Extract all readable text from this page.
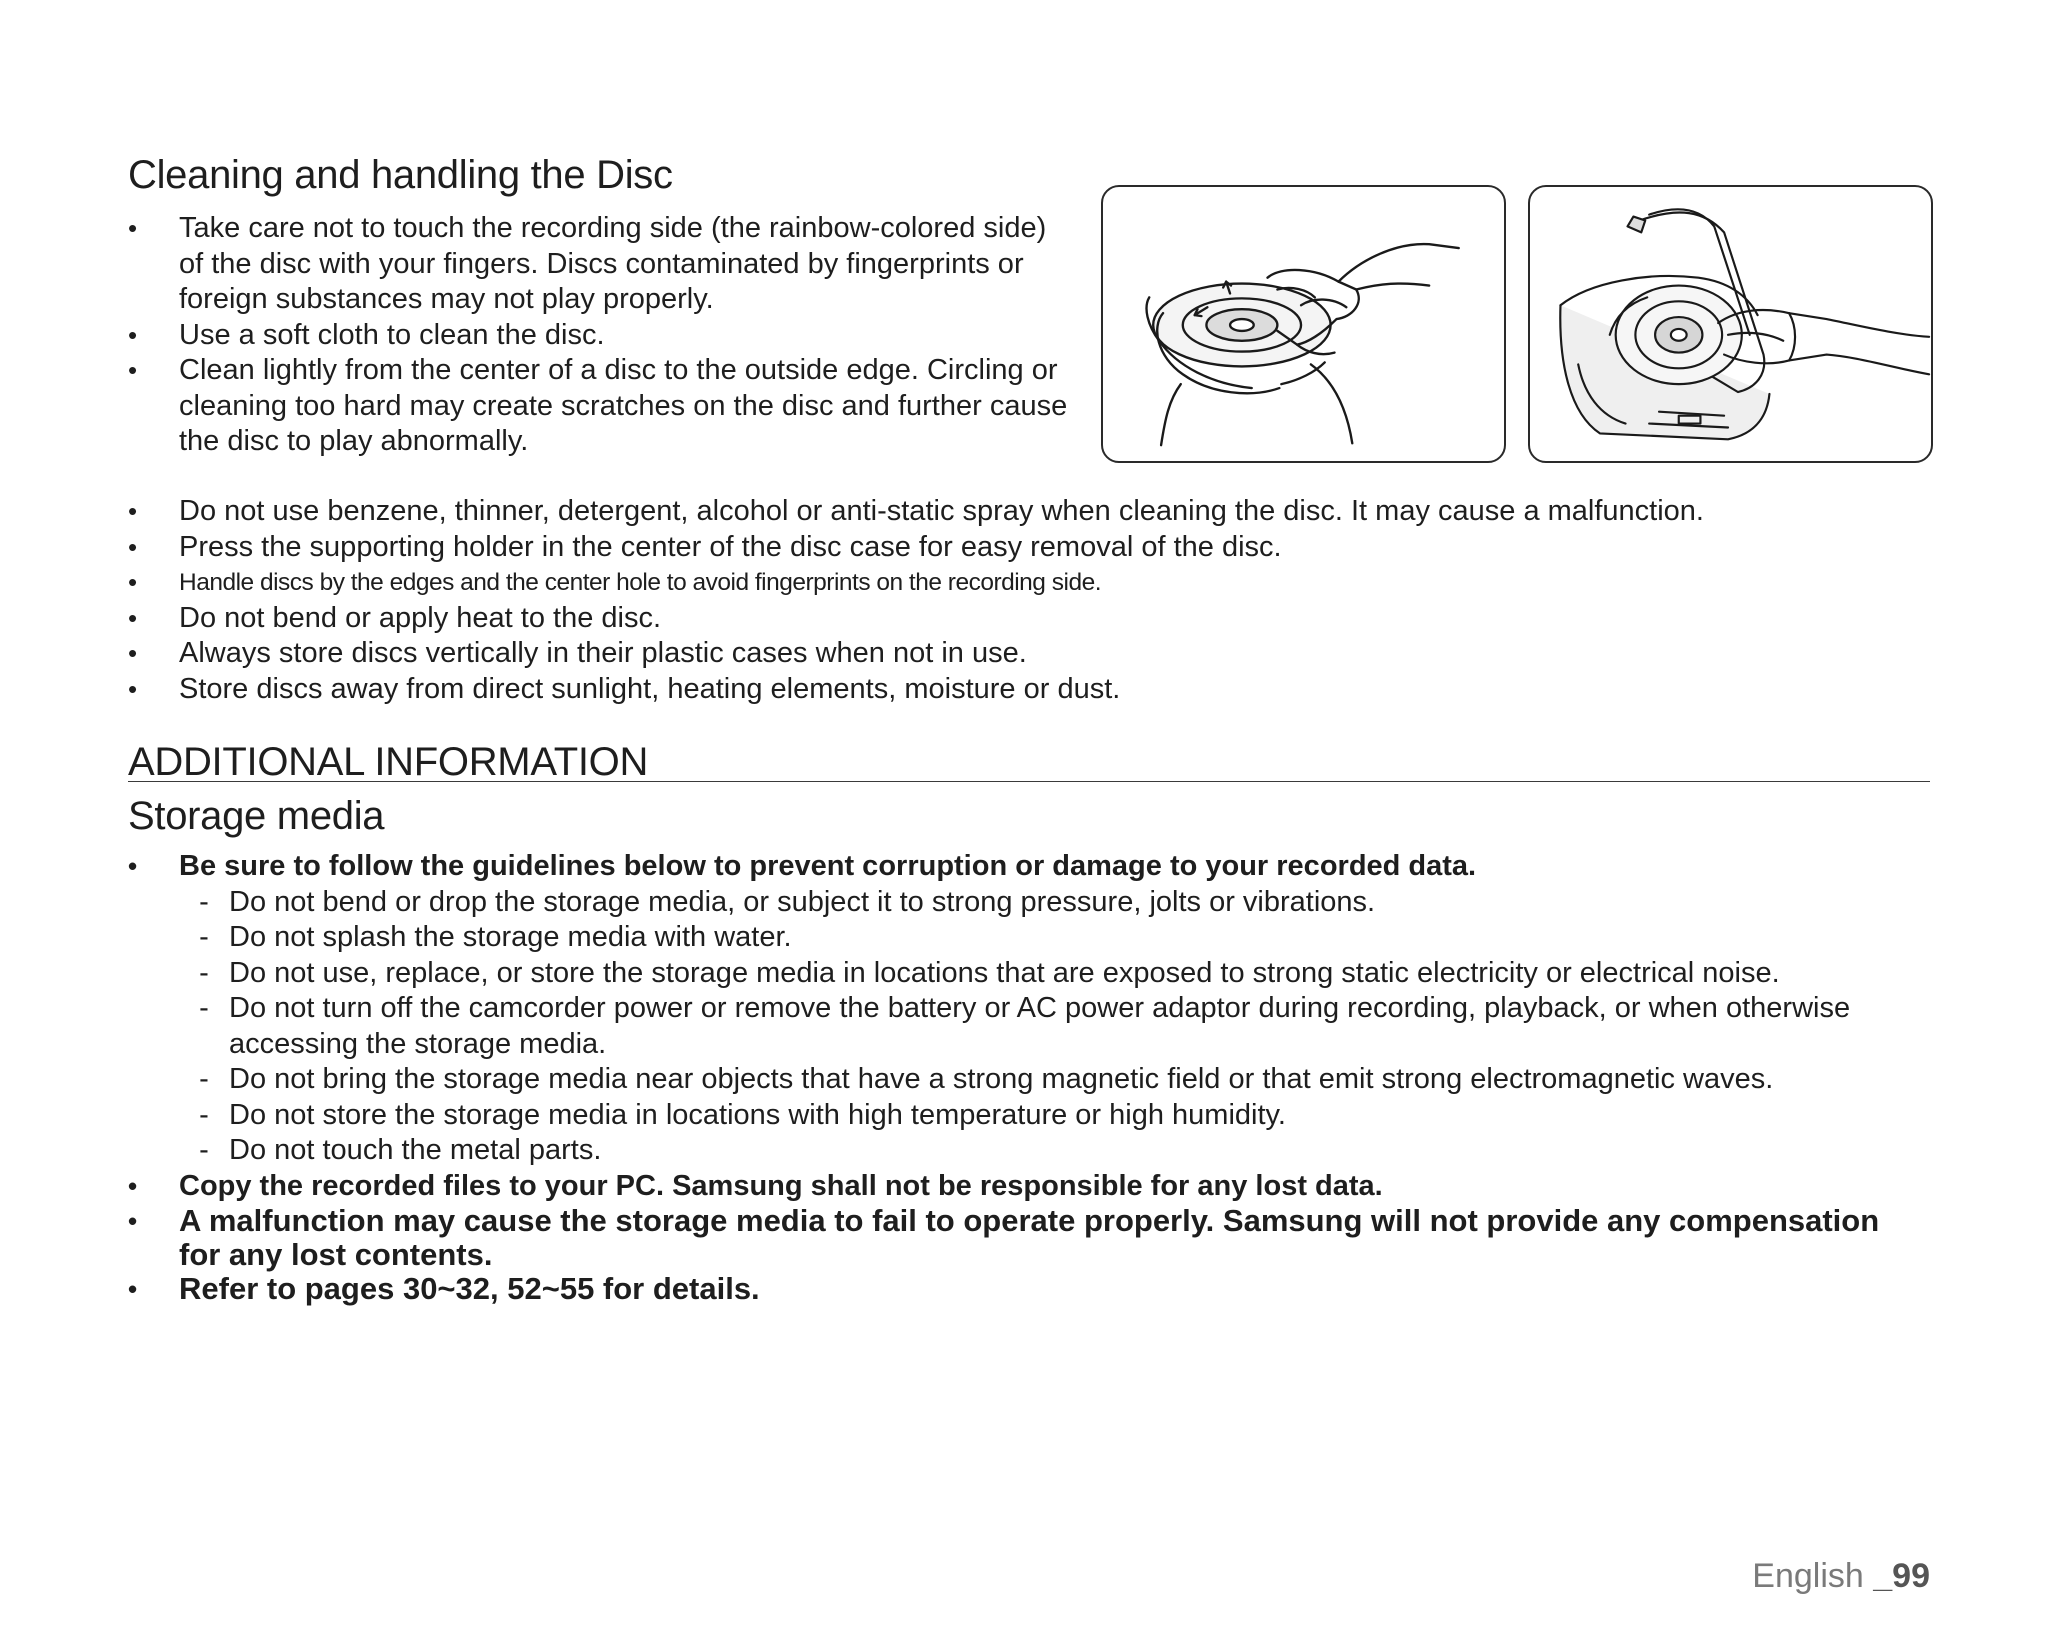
Cleaning and handling the Disc
•	Take care not to touch the recording side (the rainbow-colored side) of the disc with your fingers. Discs contaminated by fingerprints or foreign substances may not play properly.
•	Use a soft cloth to clean the disc.
•	Clean lightly from the center of a disc to the outside edge. Circling or cleaning too hard may create scratches on the disc and further cause the disc to play abnormally.
•	Do not use benzene, thinner, detergent, alcohol or anti-static spray when cleaning the disc. It may cause a malfunction.
•	Press the supporting holder in the center of the disc case for easy removal of the disc.
•	Handle discs by the edges and the center hole to avoid fingerprints on the recording side.
•	Do not bend or apply heat to the disc.
•	Always store discs vertically in their plastic cases when not in use.
•	Store discs away from direct sunlight, heating elements, moisture or dust.
ADDITIONAL INFORMATION
Storage media
•	Be sure to follow the guidelines below to prevent corruption or damage to your recorded data.
- Do not bend or drop the storage media, or subject it to strong pressure, jolts or vibrations.
- Do not splash the storage media with water.
- Do not use, replace, or store the storage media in locations that are exposed to strong static electricity or electrical noise.
- Do not turn off the camcorder power or remove the battery or AC power adaptor during recording, playback, or when otherwise accessing the storage media.
- Do not bring the storage media near objects that have a strong magnetic field or that emit strong electromagnetic waves.
- Do not store the storage media in locations with high temperature or high humidity.
- Do not touch the metal parts.
•	Copy the recorded files to your PC. Samsung shall not be responsible for any lost data.
•	A malfunction may cause the storage media to fail to operate properly. Samsung will not provide any compensation for any lost contents.
•	Refer to pages 30~32, 52~55 for details.
English _99
